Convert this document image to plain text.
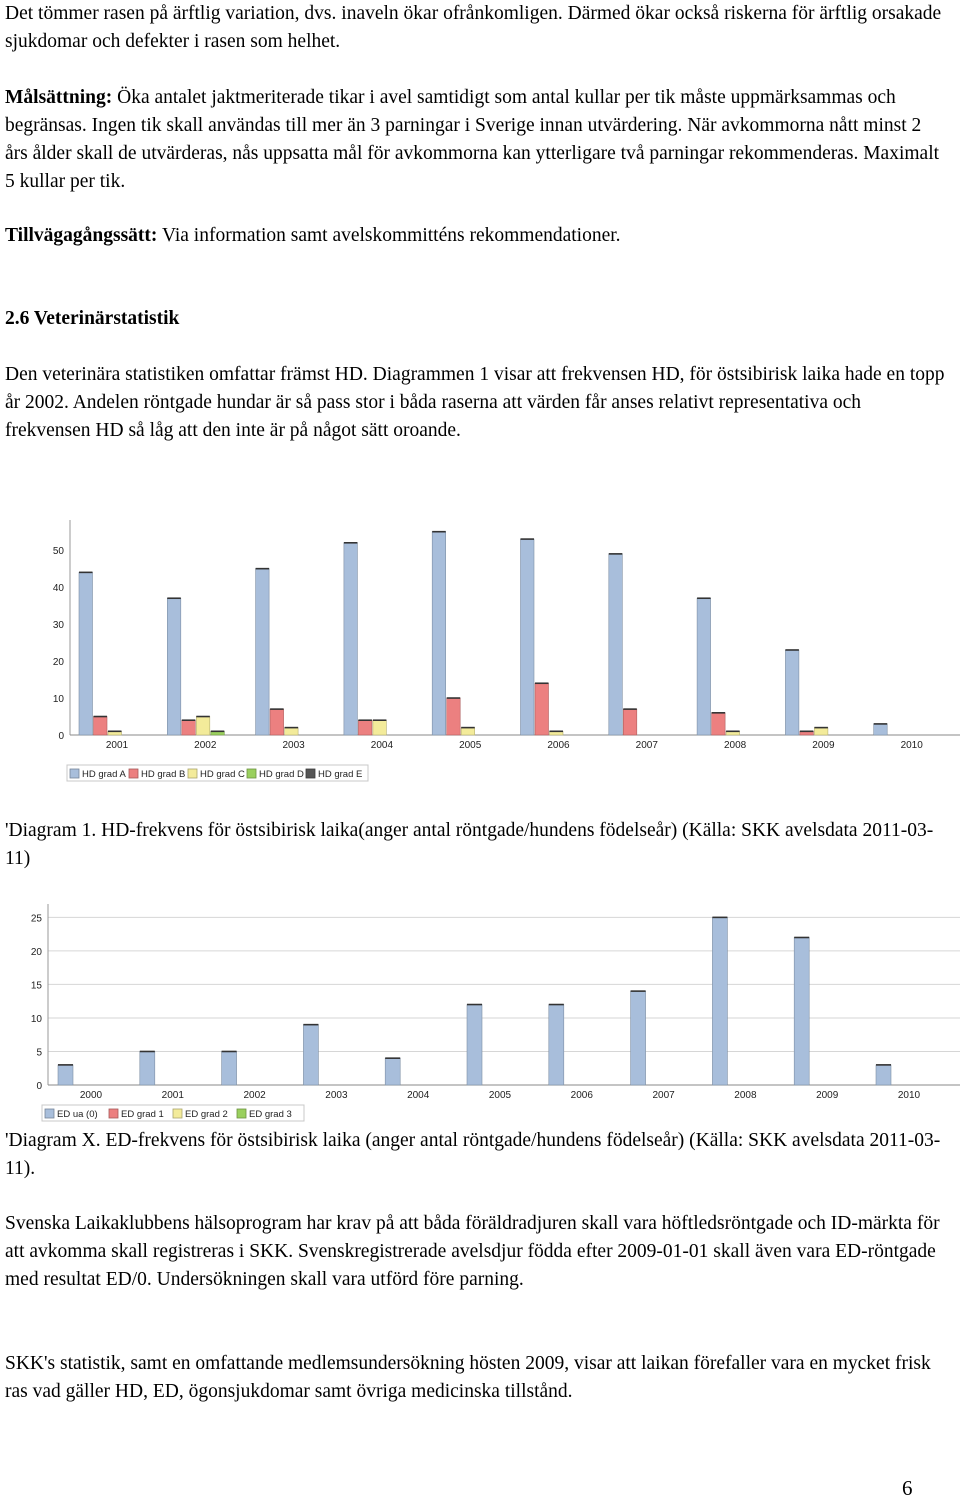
Det tömmer rasen på ärftlig variation, dvs. inaveln ökar ofrånkomligen. Därmed ökar också riskerna för ärftlig orsakade sjukdomar och defekter i rasen som helhet.

Målsättning: Öka antalet jaktmeriterade tikar i avel samtidigt som antal kullar per tik måste uppmärksammas och begränsas. Ingen tik skall användas till mer än 3 parningar i Sverige innan utvärdering. När avkommorna nått minst 2 års ålder skall de utvärderas, nås uppsatta mål för avkommorna kan ytterligare två parningar rekommenderas. Maximalt 5 kullar per tik.

Tillvägagångssätt: Via information samt avelskommitténs rekommendationer.

2.6 Veterinärstatistik

Den veterinära statistiken omfattar främst HD. Diagrammen 1 visar att frekvensen HD, för östsibirisk laika hade en topp år 2002. Andelen röntgade hundar är så pass stor i båda raserna att värden får anses relativt representativa och frekvensen HD så låg att den inte är på något sätt oroande.

0
10
20
30
40
50
2001	2002	2003	2004	2005	2006	2007	2008	2009	2010
HD grad A HD grad B HD grad C HD grad D HD grad E

'Diagram 1. HD-frekvens för östsibirisk laika(anger antal röntgade/hundens födelseår) (Källa: SKK avelsdata 2011-03-11)

0
5
10
15
20
25
2000	2001	2002	2003	2004	2005	2006	2007	2008	2009	2010
ED ua (0) ED grad 1 ED grad 2 ED grad 3

'Diagram X. ED-frekvens för östsibirisk laika (anger antal röntgade/hundens födelseår) (Källa: SKK avelsdata 2011-03-11).

Svenska Laikaklubbens hälsoprogram har krav på att båda föräldradjuren skall vara höftledsröntgade och ID-märkta för att avkomma skall registreras i SKK. Svenskregistrerade avelsdjur födda efter 2009-01-01 skall även vara ED-röntgade med resultat ED/0. Undersökningen skall vara utförd före parning.

SKK's statistik, samt en omfattande medlemsundersökning hösten 2009, visar att laikan förefaller vara en mycket frisk ras vad gäller HD, ED, ögonsjukdomar samt övriga medicinska tillstånd.

6
